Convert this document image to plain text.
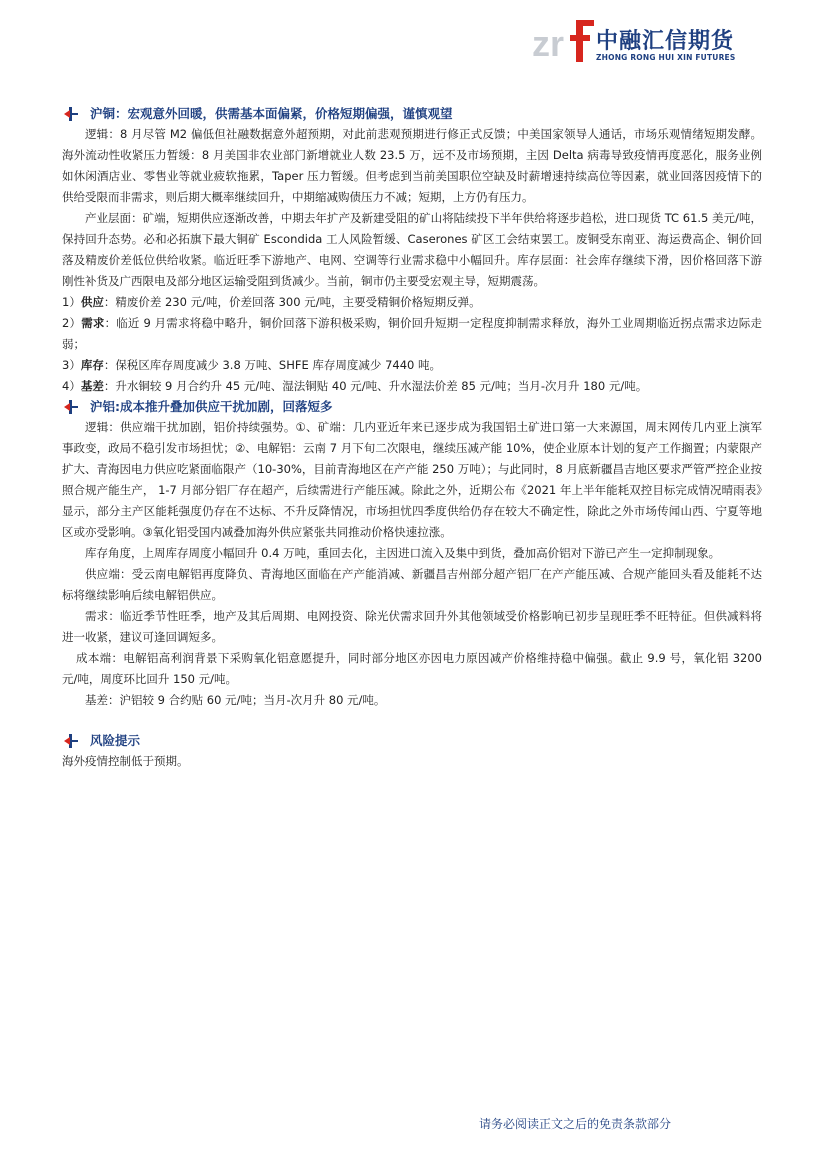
zr 中融汇信期货
ZHONG RONG HUI XIN FUTURES
沪铜：宏观意外回暖，供需基本面偏紧，价格短期偏强，谨慎观望

逻辑：8 月尽管 M2 偏低但社融数据意外超预期，对此前悲观预期进行修正式反馈；中美国家领导人通话，市场乐观情绪短期发酵。海外流动性收紧压力暂缓：8 月美国非农业部门新增就业人数 23.5 万，远不及市场预期，主因 Delta 病毒导致疫情再度恶化，服务业例如休闲酒店业、零售业等就业疲软拖累，Taper 压力暂缓。但考虑到当前美国职位空缺及时薪增速持续高位等因素，就业回落因疫情下的供给受限而非需求，则后期大概率继续回升，中期缩减购债压力不减；短期，上方仍有压力。

产业层面：矿端，短期供应逐渐改善，中期去年扩产及新建受阻的矿山将陆续投下半年供给将逐步趋松，进口现货 TC 61.5 美元/吨，保持回升态势。必和必拓旗下最大铜矿 Escondida 工人风险暂缓、Caserones 矿区工会结束罢工。废铜受东南亚、海运费高企、铜价回落及精废价差低位供给收紧。临近旺季下游地产、电网、空调等行业需求稳中小幅回升。库存层面：社会库存继续下滑，因价格回落下游刚性补货及广西限电及部分地区运输受阻到货减少。当前，铜市仍主要受宏观主导，短期震荡。

1）供应：精废价差 230 元/吨，价差回落 300 元/吨，主要受精铜价格短期反弹。

2）需求：临近 9 月需求将稳中略升，铜价回落下游积极采购，铜价回升短期一定程度抑制需求释放，海外工业周期临近拐点需求边际走弱；

3）库存：保税区库存周度减少 3.8 万吨、SHFE 库存周度减少 7440 吨。

4）基差：升水铜较 9 月合约升 45 元/吨、湿法铜贴 40 元/吨、升水湿法价差 85 元/吨；当月-次月升 180 元/吨。

沪铝:成本推升叠加供应干扰加剧，回落短多

逻辑：供应端干扰加剧，铝价持续强势。①、矿端：几内亚近年来已逐步成为我国铝土矿进口第一大来源国，周末网传几内亚上演军事政变，政局不稳引发市场担忧；②、电解铝：云南 7 月下旬二次限电，继续压减产能 10%，使企业原本计划的复产工作搁置；内蒙限产扩大、青海因电力供应吃紧面临限产（10-30%，目前青海地区在产产能 250 万吨）；与此同时，8 月底新疆昌吉地区要求严管严控企业按照合规产能生产， 1-7 月部分铝厂存在超产，后续需进行产能压减。除此之外，近期公布《2021 年上半年能耗双控目标完成情况晴雨表》显示，部分主产区能耗强度仍存在不达标、不升反降情况，市场担忧四季度供给仍存在较大不确定性，除此之外市场传闻山西、宁夏等地区或亦受影响。③氧化铝受国内减叠加海外供应紧张共同推动价格快速拉涨。

库存角度，上周库存周度小幅回升 0.4 万吨，重回去化，主因进口流入及集中到货，叠加高价铝对下游已产生一定抑制现象。

供应端：受云南电解铝再度降负、青海地区面临在产产能消减、新疆昌吉州部分超产铝厂在产产能压减、合规产能回头看及能耗不达标将继续影响后续电解铝供应。

需求：临近季节性旺季，地产及其后周期、电网投资、除光伏需求回升外其他领域受价格影响已初步呈现旺季不旺特征。但供减料将进一收紧，建议可逢回调短多。

成本端：电解铝高利润背景下采购氧化铝意愿提升，同时部分地区亦因电力原因减产价格维持稳中偏强。截止 9.9 号，氧化铝 3200 元/吨，周度环比回升 150 元/吨。

基差：沪铝较 9 合约贴 60 元/吨；当月-次月升 80 元/吨。

风险提示

海外疫情控制低于预期。

请务必阅读正文之后的免责条款部分
